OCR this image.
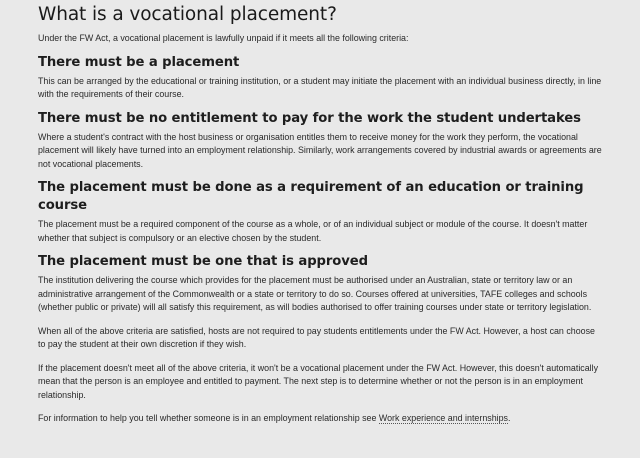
What is a vocational placement?

Under the FW Act, a vocational placement is lawfully unpaid if it meets all the following criteria:

There must be a placement

This can be arranged by the educational or training institution, or a student may initiate the placement with an individual business directly, in line with the requirements of their course.

There must be no entitlement to pay for the work the student undertakes

Where a student's contract with the host business or organisation entitles them to receive money for the work they perform, the vocational placement will likely have turned into an employment relationship. Similarly, work arrangements covered by industrial awards or agreements are not vocational placements.

The placement must be done as a requirement of an education or training course

The placement must be a required component of the course as a whole, or of an individual subject or module of the course. It doesn't matter whether that subject is compulsory or an elective chosen by the student.

The placement must be one that is approved

The institution delivering the course which provides for the placement must be authorised under an Australian, state or territory law or an administrative arrangement of the Commonwealth or a state or territory to do so. Courses offered at universities, TAFE colleges and schools (whether public or private) will all satisfy this requirement, as will bodies authorised to offer training courses under state or territory legislation.

When all of the above criteria are satisfied, hosts are not required to pay students entitlements under the FW Act. However, a host can choose to pay the student at their own discretion if they wish.

If the placement doesn't meet all of the above criteria, it won't be a vocational placement under the FW Act. However, this doesn't automatically mean that the person is an employee and entitled to payment. The next step is to determine whether or not the person is in an employment relationship.

For information to help you tell whether someone is in an employment relationship see Work experience and internships.
